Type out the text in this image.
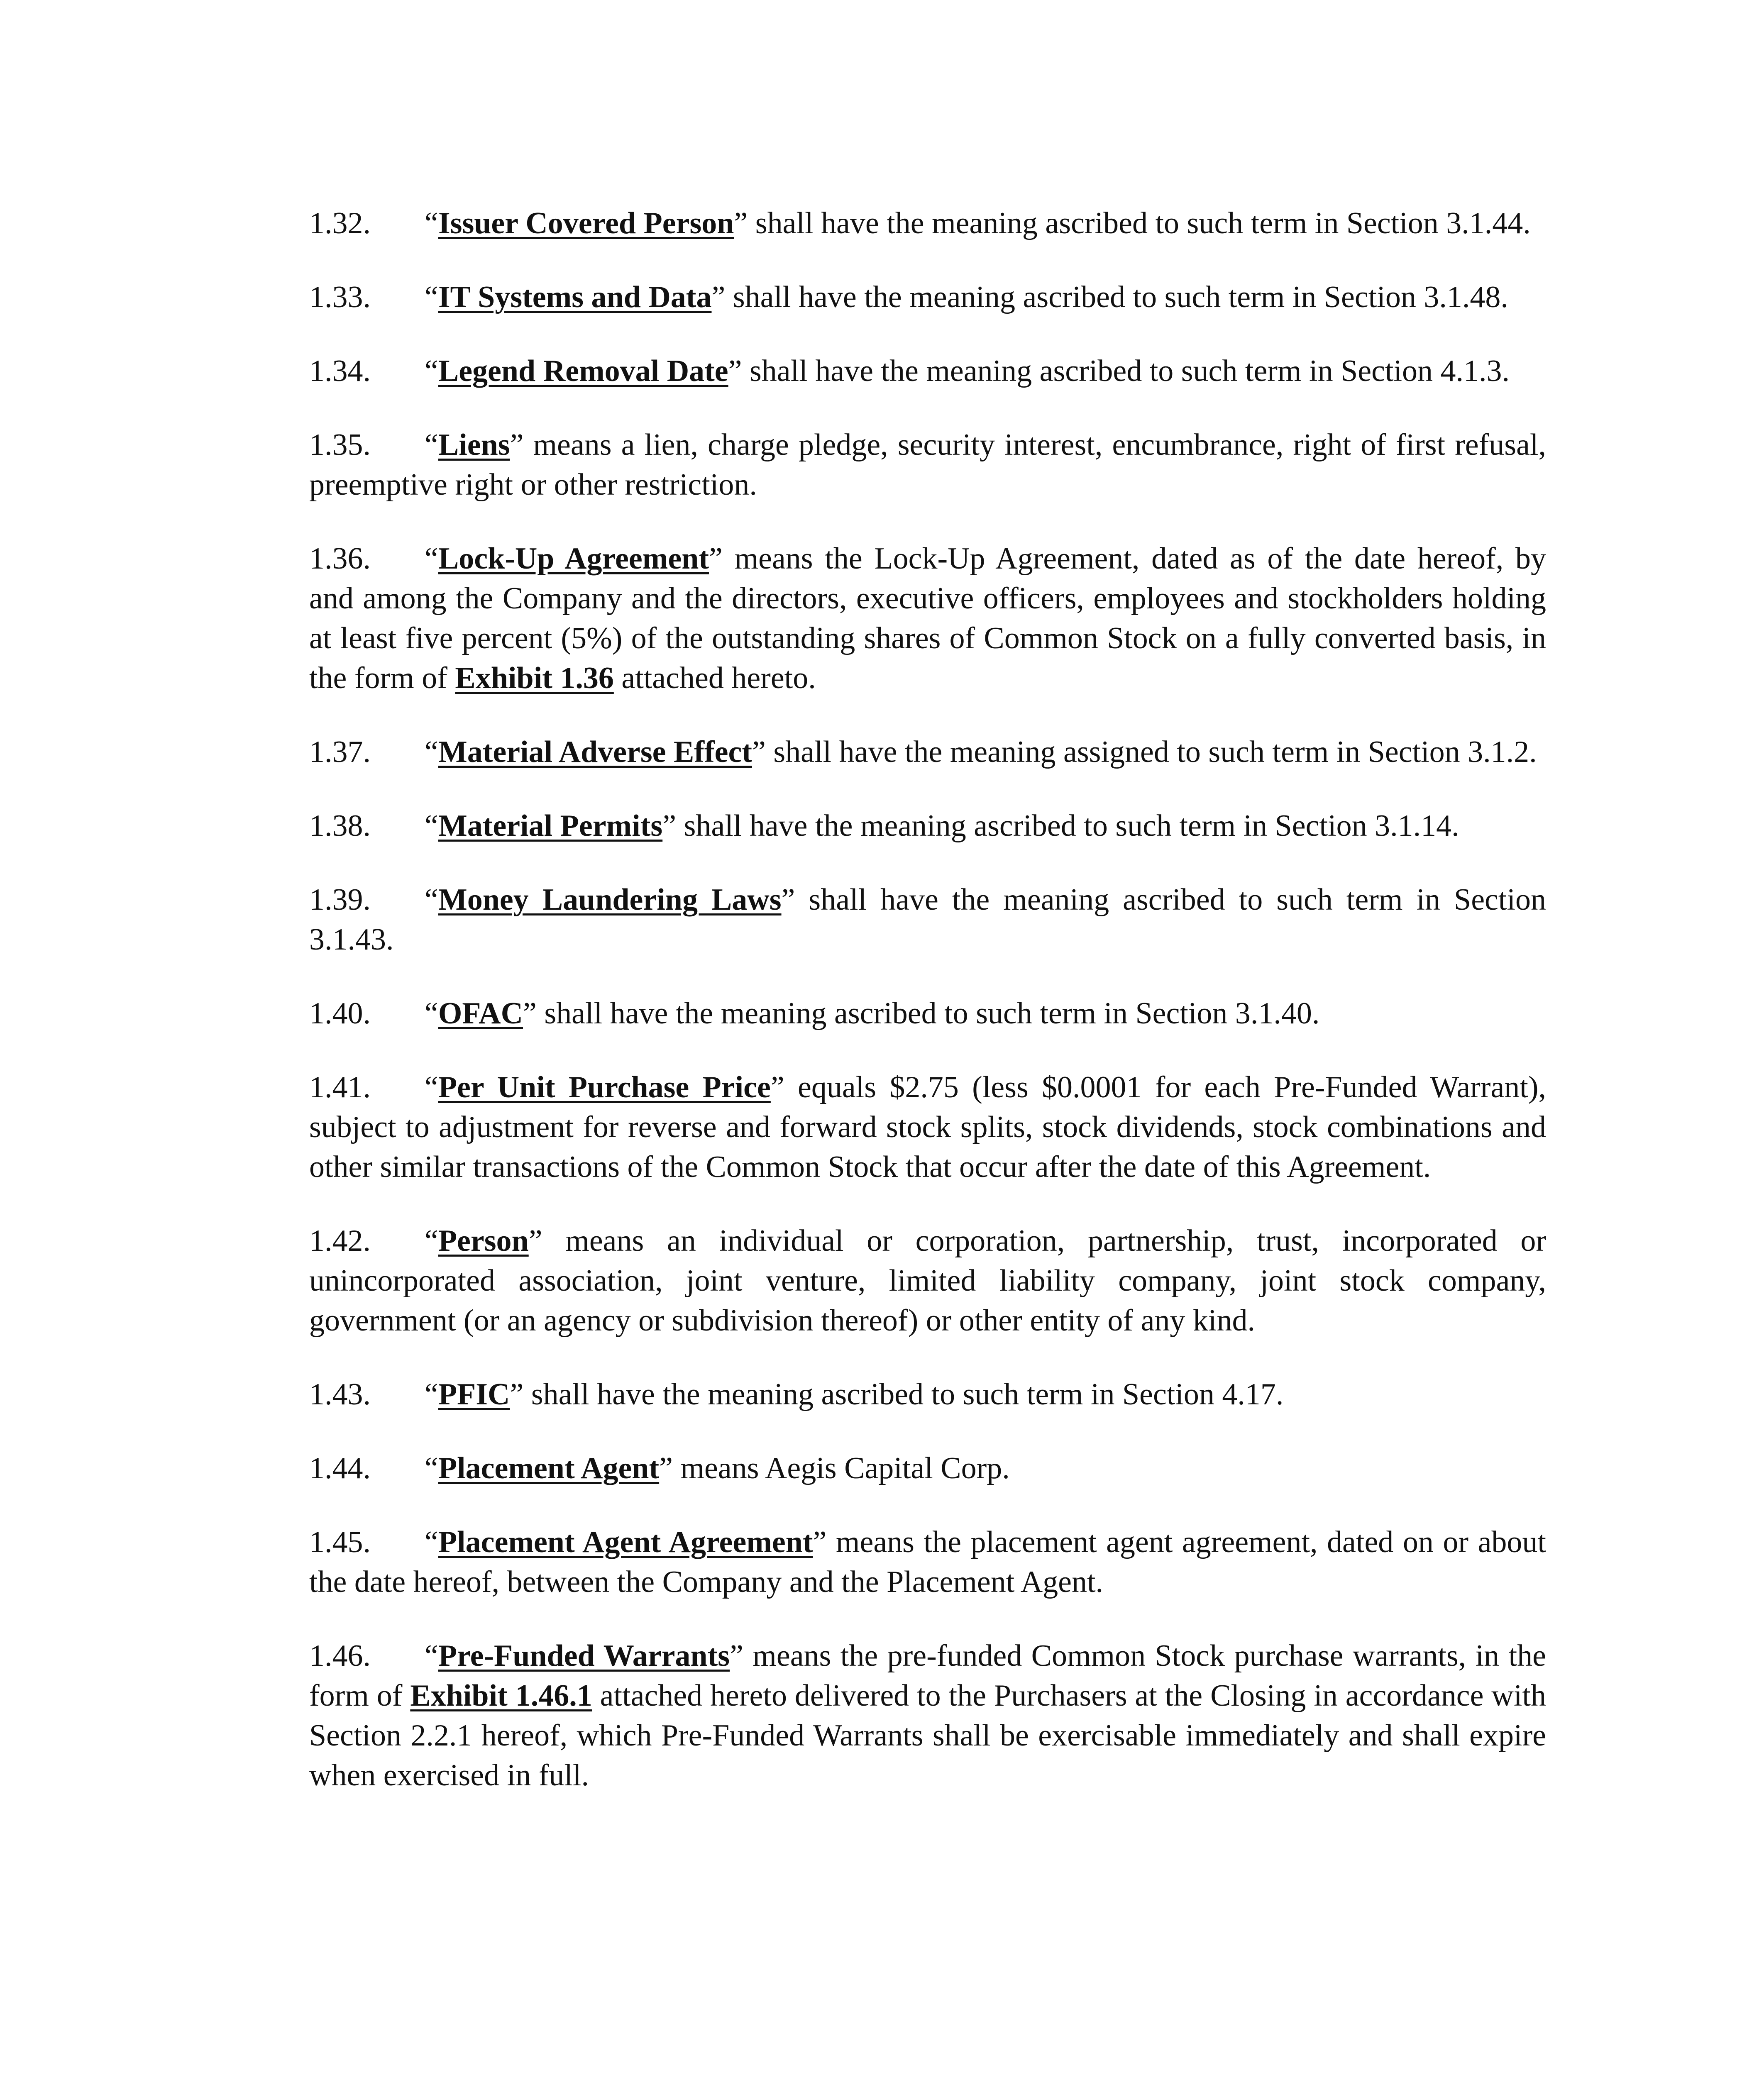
1.32. “Issuer Covered Person” shall have the meaning ascribed to such term in Section 3.1.44.

1.33. “IT Systems and Data” shall have the meaning ascribed to such term in Section 3.1.48.

1.34. “Legend Removal Date” shall have the meaning ascribed to such term in Section 4.1.3.

1.35. “Liens” means a lien, charge pledge, security interest, encumbrance, right of first refusal, preemptive right or other restriction.

1.36. “Lock-Up Agreement” means the Lock-Up Agreement, dated as of the date hereof, by and among the Company and the directors, executive officers, employees and stockholders holding at least five percent (5%) of the outstanding shares of Common Stock on a fully converted basis, in the form of Exhibit 1.36 attached hereto.

1.37. “Material Adverse Effect” shall have the meaning assigned to such term in Section 3.1.2.

1.38. “Material Permits” shall have the meaning ascribed to such term in Section 3.1.14.

1.39. “Money Laundering Laws” shall have the meaning ascribed to such term in Section 3.1.43.

1.40. “OFAC” shall have the meaning ascribed to such term in Section 3.1.40.

1.41. “Per Unit Purchase Price” equals $2.75 (less $0.0001 for each Pre-Funded Warrant), subject to adjustment for reverse and forward stock splits, stock dividends, stock combinations and other similar transactions of the Common Stock that occur after the date of this Agreement.

1.42. “Person” means an individual or corporation, partnership, trust, incorporated or unincorporated association, joint venture, limited liability company, joint stock company, government (or an agency or subdivision thereof) or other entity of any kind.

1.43. “PFIC” shall have the meaning ascribed to such term in Section 4.17.

1.44. “Placement Agent” means Aegis Capital Corp.

1.45. “Placement Agent Agreement” means the placement agent agreement, dated on or about the date hereof, between the Company and the Placement Agent.

1.46. “Pre-Funded Warrants” means the pre-funded Common Stock purchase warrants, in the form of Exhibit 1.46.1 attached hereto delivered to the Purchasers at the Closing in accordance with Section 2.2.1 hereof, which Pre-Funded Warrants shall be exercisable immediately and shall expire when exercised in full.
